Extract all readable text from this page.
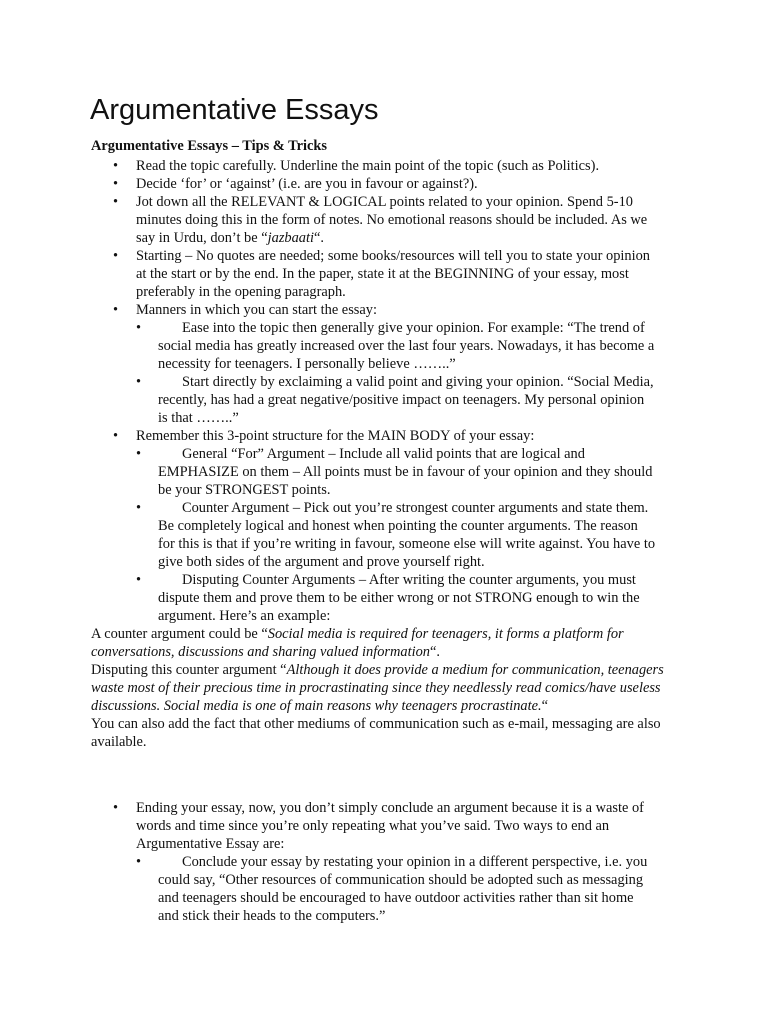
Argumentative Essays

Argumentative Essays – Tips & Tricks

• Read the topic carefully. Underline the main point of the topic (such as Politics).
• Decide ‘for’ or ‘against’ (i.e. are you in favour or against?).
• Jot down all the RELEVANT & LOGICAL points related to your opinion. Spend 5-10 minutes doing this in the form of notes. No emotional reasons should be included. As we say in Urdu, don’t be “jazbaati“.
• Starting – No quotes are needed; some books/resources will tell you to state your opinion at the start or by the end. In the paper, state it at the BEGINNING of your essay, most preferably in the opening paragraph.
• Manners in which you can start the essay:
• Ease into the topic then generally give your opinion. For example: “The trend of social media has greatly increased over the last four years. Nowadays, it has become a necessity for teenagers. I personally believe ……..”
• Start directly by exclaiming a valid point and giving your opinion. “Social Media, recently, has had a great negative/positive impact on teenagers. My personal opinion is that ……..”
• Remember this 3-point structure for the MAIN BODY of your essay:
• General “For” Argument – Include all valid points that are logical and EMPHASIZE on them – All points must be in favour of your opinion and they should be your STRONGEST points.
• Counter Argument – Pick out you’re strongest counter arguments and state them. Be completely logical and honest when pointing the counter arguments. The reason for this is that if you’re writing in favour, someone else will write against. You have to give both sides of the argument and prove yourself right.
• Disputing Counter Arguments – After writing the counter arguments, you must dispute them and prove them to be either wrong or not STRONG enough to win the argument. Here’s an example:

A counter argument could be “Social media is required for teenagers, it forms a platform for conversations, discussions and sharing valued information“.

Disputing this counter argument “Although it does provide a medium for communication, teenagers waste most of their precious time in procrastinating since they needlessly read comics/have useless discussions. Social media is one of main reasons why teenagers procrastinate.“

You can also add the fact that other mediums of communication such as e-mail, messaging are also available.

• Ending your essay, now, you don’t simply conclude an argument because it is a waste of words and time since you’re only repeating what you’ve said. Two ways to end an Argumentative Essay are:
• Conclude your essay by restating your opinion in a different perspective, i.e. you could say, “Other resources of communication should be adopted such as messaging and teenagers should be encouraged to have outdoor activities rather than sit home and stick their heads to the computers.”
